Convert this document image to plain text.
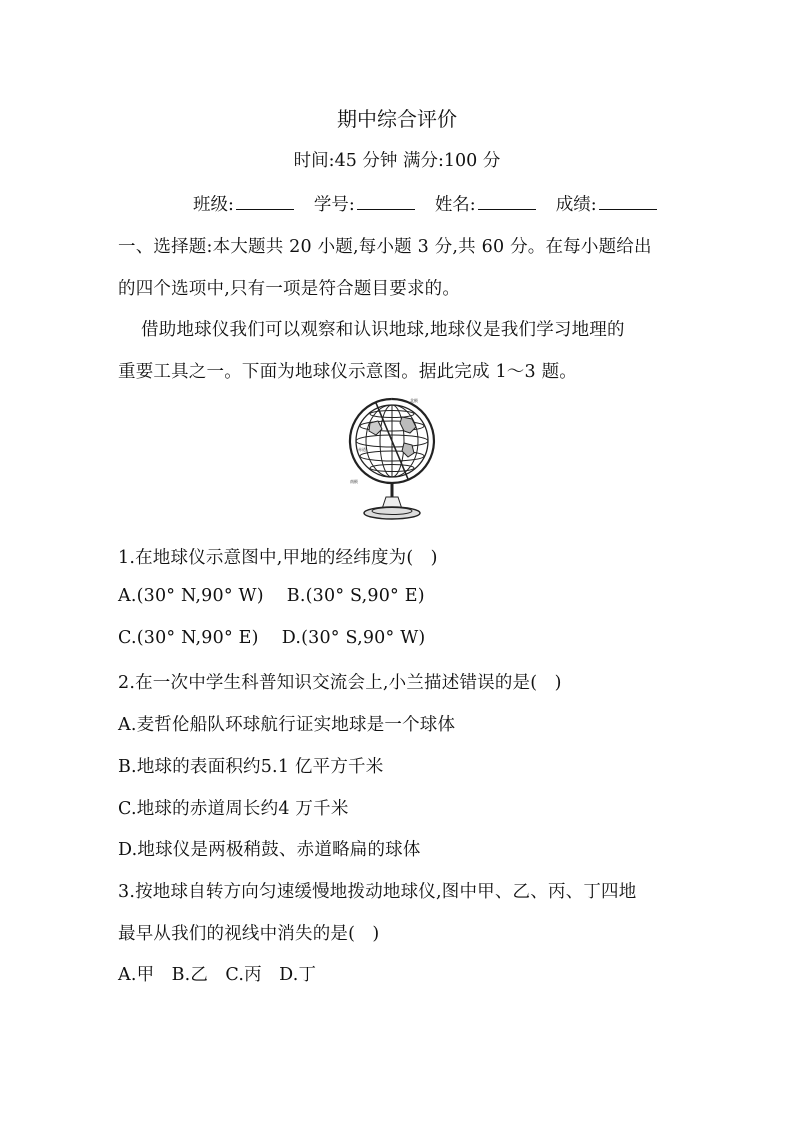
期中综合评价
时间:45 分钟 满分:100 分
班级:	学号:	姓名:	成绩:
一、选择题:本大题共 20 小题,每小题 3 分,共 60 分。在每小题给出
的四个选项中,只有一项是符合题目要求的。
借助地球仪我们可以观察和认识地球,地球仪是我们学习地理的
重要工具之一。下面为地球仪示意图。据此完成 1～3 题。
北极
南极
赤道
1.在地球仪示意图中,甲地的经纬度为(   )
A.(30° N,90° W)    B.(30° S,90° E)
C.(30° N,90° E)    D.(30° S,90° W)
2.在一次中学生科普知识交流会上,小兰描述错误的是(   )
A.麦哲伦船队环球航行证实地球是一个球体
B.地球的表面积约5.1 亿平方千米
C.地球的赤道周长约4 万千米
D.地球仪是两极稍鼓、赤道略扁的球体
3.按地球自转方向匀速缓慢地拨动地球仪,图中甲、乙、丙、丁四地
最早从我们的视线中消失的是(   )
A.甲   B.乙   C.丙   D.丁
